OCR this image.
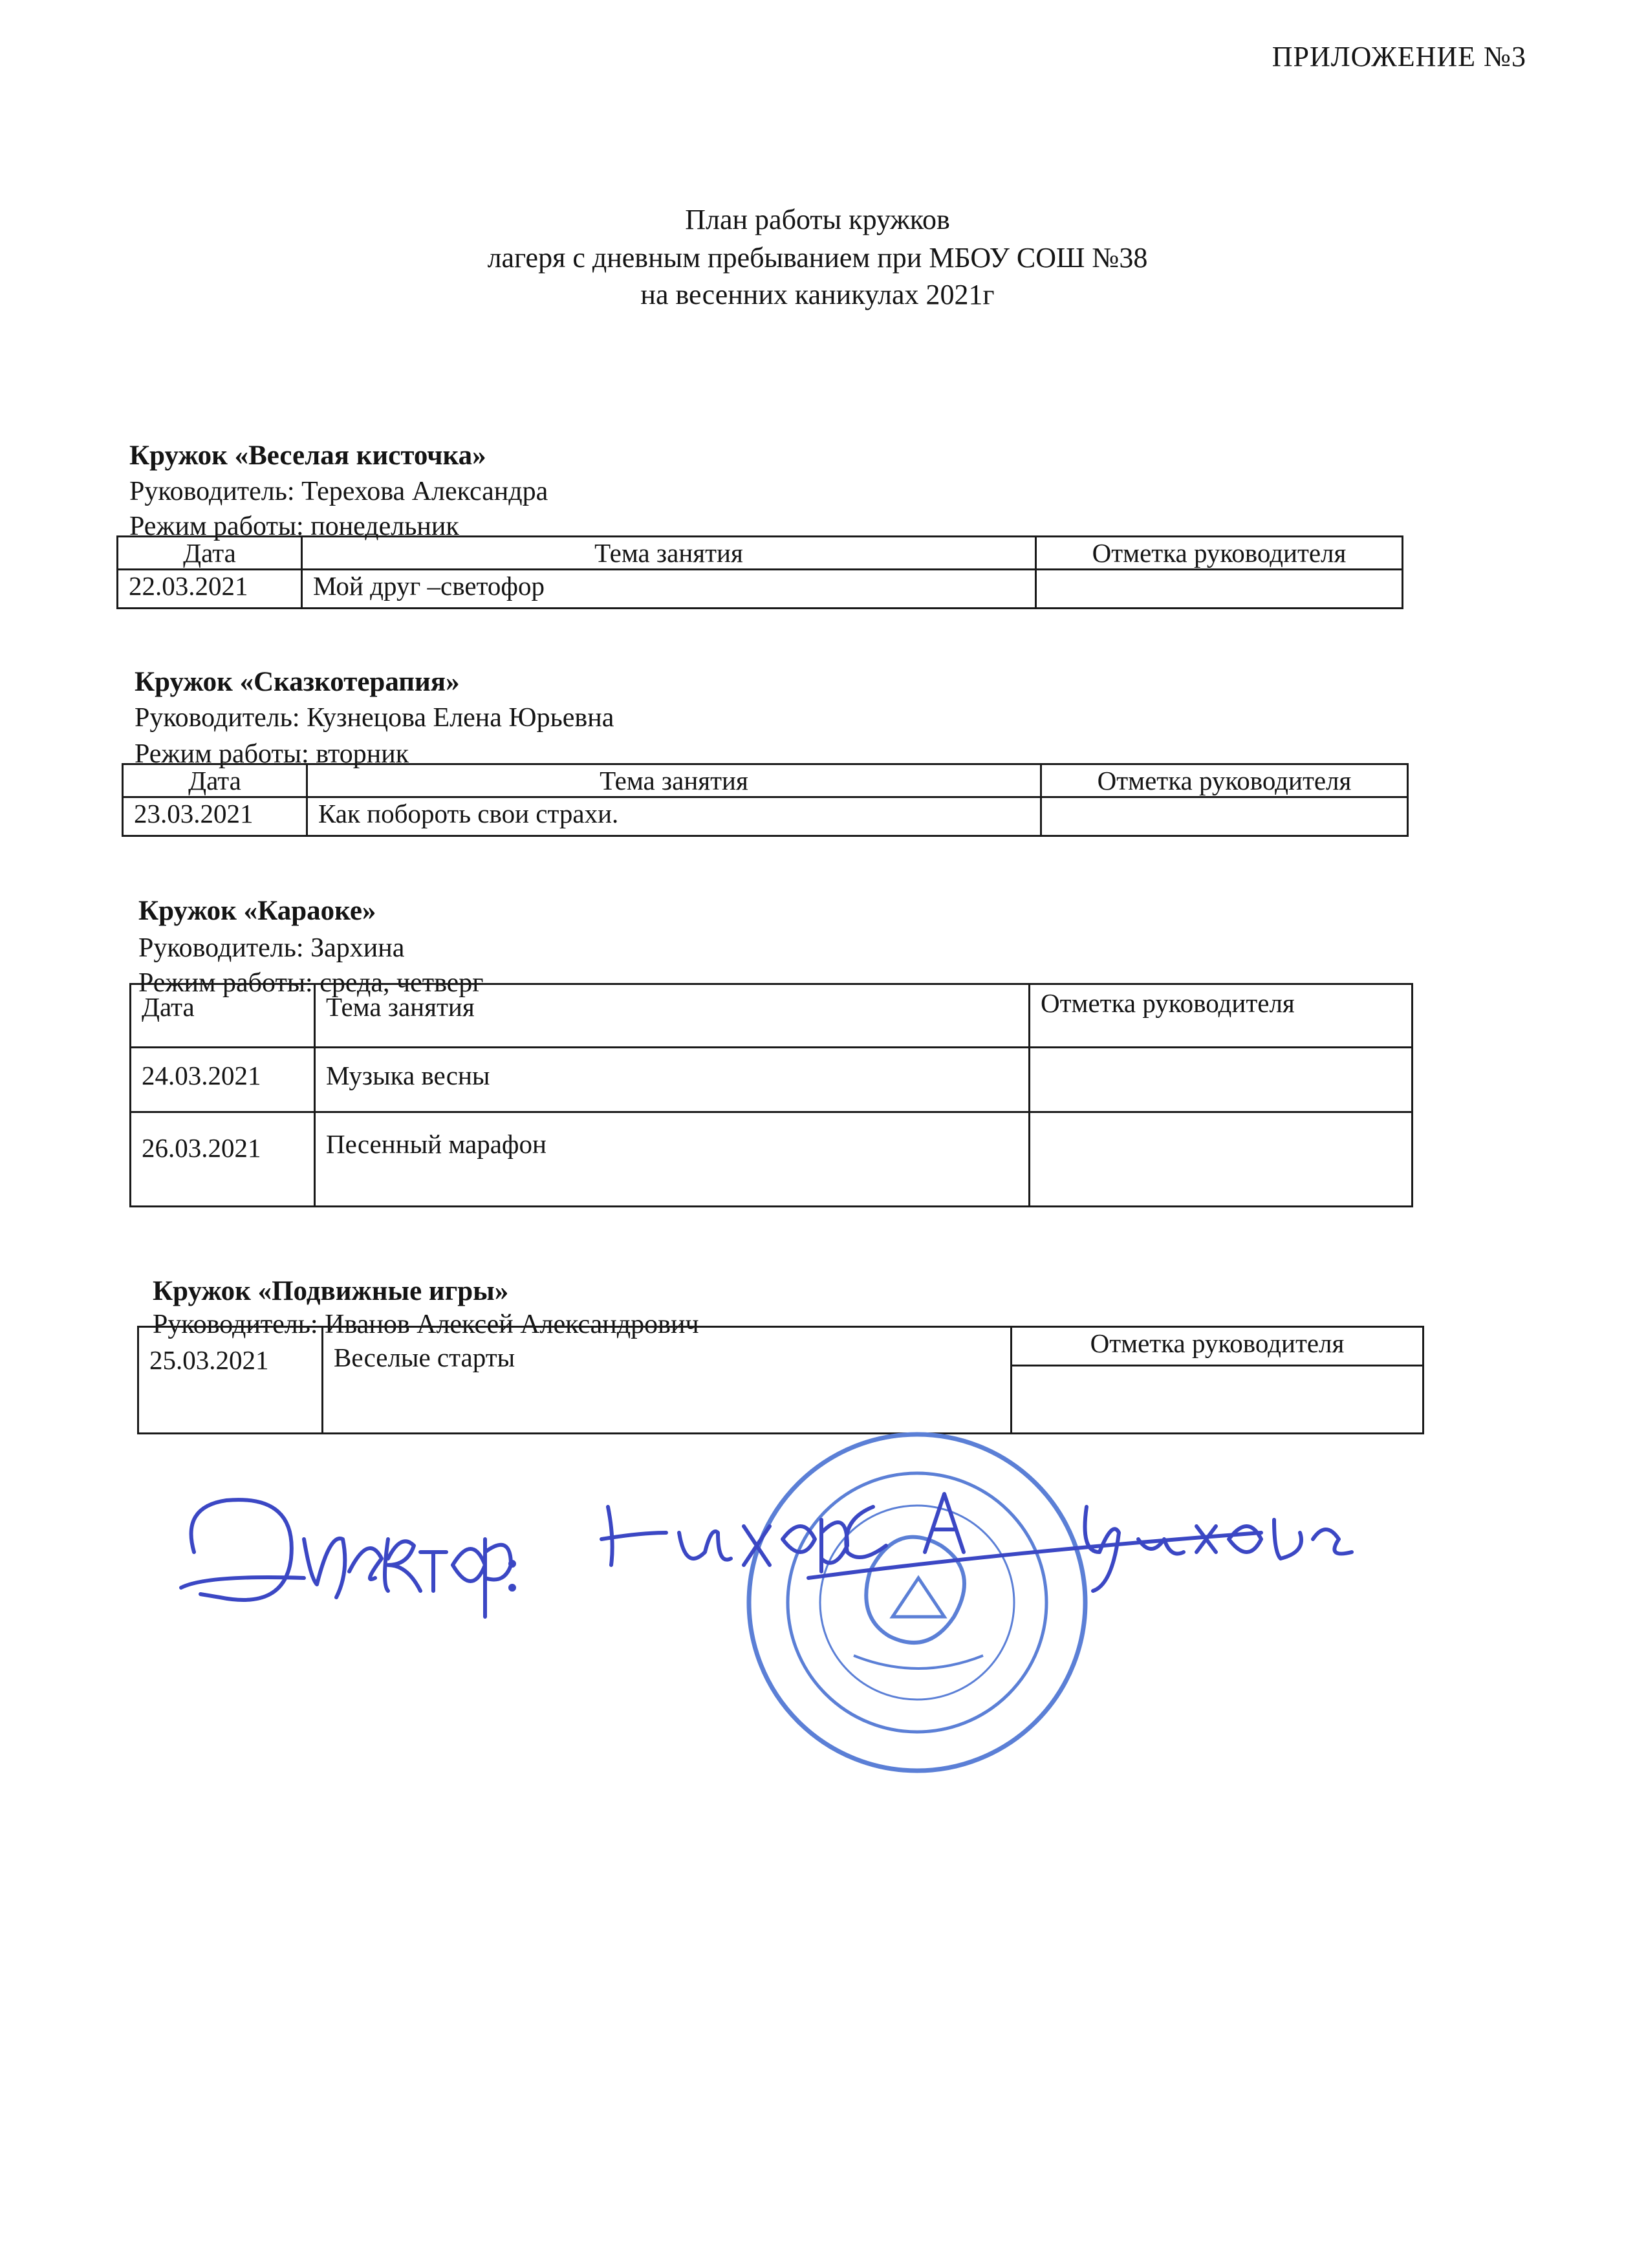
ПРИЛОЖЕНИЕ №3
План работы кружков
лагеря с дневным пребыванием при МБОУ СОШ №38
на весенних каникулах 2021г
Кружок «Веселая кисточка»
Руководитель: Терехова Александра
Режим работы: понедельник
Дата	Тема занятия	Отметка руководителя
22.03.2021	Мой друг –светофор	
Кружок «Сказкотерапия»
Руководитель: Кузнецова Елена Юрьевна
Режим работы: вторник
Дата	Тема занятия	Отметка руководителя
23.03.2021	Как побороть свои страхи.	
Кружок «Караоке»
Руководитель: Зархина
Режим работы: среда, четверг
Дата	Тема занятия	Отметка руководителя
24.03.2021	Музыка весны	
26.03.2021	Песенный марафон	
Кружок «Подвижные игры»
Руководитель: Иванов Алексей Александрович
25.03.2021	Веселые старты	Отметка руководителя
